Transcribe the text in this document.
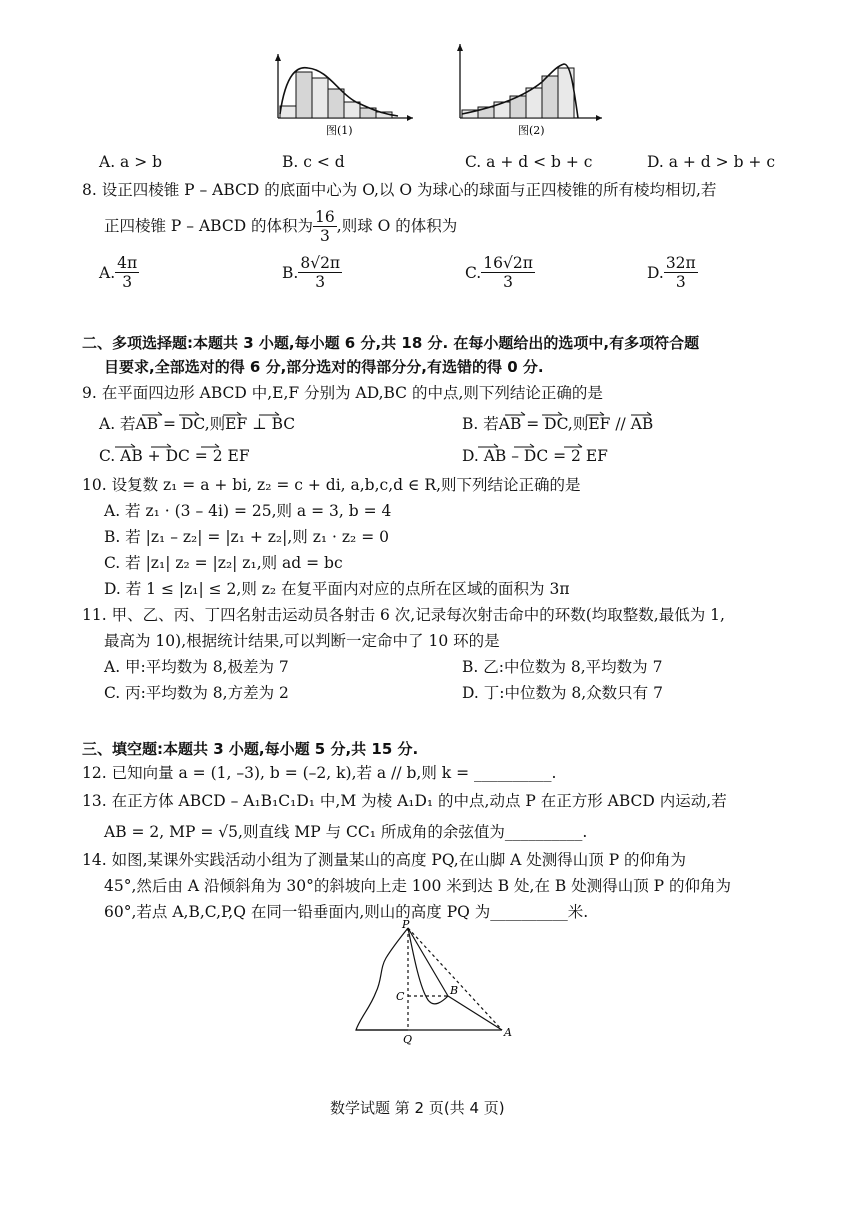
图(1)	图(2)
A. a > b	B. c < d	C. a + d < b + c	D. a + d > b + c
8. 设正四棱锥 P – ABCD 的底面中心为 O,以 O 为球心的球面与正四棱锥的所有棱均相切,若
正四棱锥 P – ABCD 的体积为 $\frac{16}{3}$ ,则球 O 的体积为
A. $\frac{4\pi}{3}$	B. $\frac{8√2\pi}{3}$	C. $\frac{16√2\pi}{3}$	D. $\frac{32\pi}{3}$
二、多项选择题:本题共 3 小题,每小题 6 分,共 18 分. 在每小题给出的选项中,有多项符合题
目要求,全部选对的得 6 分,部分选对的得部分分,有选错的得 0 分.
9. 在平面四边形 ABCD 中,E,F 分别为 AD,BC 的中点,则下列结论正确的是
A. 若AB = DC,则EF ⊥ BC	B. 若AB = DC,则EF // AB
C. AB + DC = 2 EF	D. AB – DC = 2 EF
10. 设复数 z₁ = a + bi, z₂ = c + di, a,b,c,d ∈ R,则下列结论正确的是
A. 若 z₁ · (3 – 4i) = 25,则 a = 3, b = 4
B. 若 |z₁ – z₂| = |z₁ + z₂|,则 z₁ · z₂ = 0
C. 若 |z₁| z₂ = |z₂| z₁,则 ad = bc
D. 若 1 ≤ |z₁| ≤ 2,则 z₂ 在复平面内对应的点所在区域的面积为 3π
11. 甲、乙、丙、丁四名射击运动员各射击 6 次,记录每次射击命中的环数(均取整数,最低为 1,
最高为 10),根据统计结果,可以判断一定命中了 10 环的是
A. 甲:平均数为 8,极差为 7	B. 乙:中位数为 8,平均数为 7
C. 丙:平均数为 8,方差为 2	D. 丁:中位数为 8,众数只有 7
三、填空题:本题共 3 小题,每小题 5 分,共 15 分.
12. 已知向量 a = (1, –3), b = (–2, k),若 a // b,则 k = __________.
13. 在正方体 ABCD – A₁B₁C₁D₁ 中,M 为棱 A₁D₁ 的中点,动点 P 在正方形 ABCD 内运动,若
AB = 2, MP = √5,则直线 MP 与 CC₁ 所成角的余弦值为__________.
14. 如图,某课外实践活动小组为了测量某山的高度 PQ,在山脚 A 处测得山顶 P 的仰角为
45°,然后由 A 沿倾斜角为 30°的斜坡向上走 100 米到达 B 处,在 B 处测得山顶 P 的仰角为
60°,若点 A,B,C,P,Q 在同一铅垂面内,则山的高度 PQ 为__________米.
P
C	B
Q
A
数学试题 第 2 页(共 4 页)
